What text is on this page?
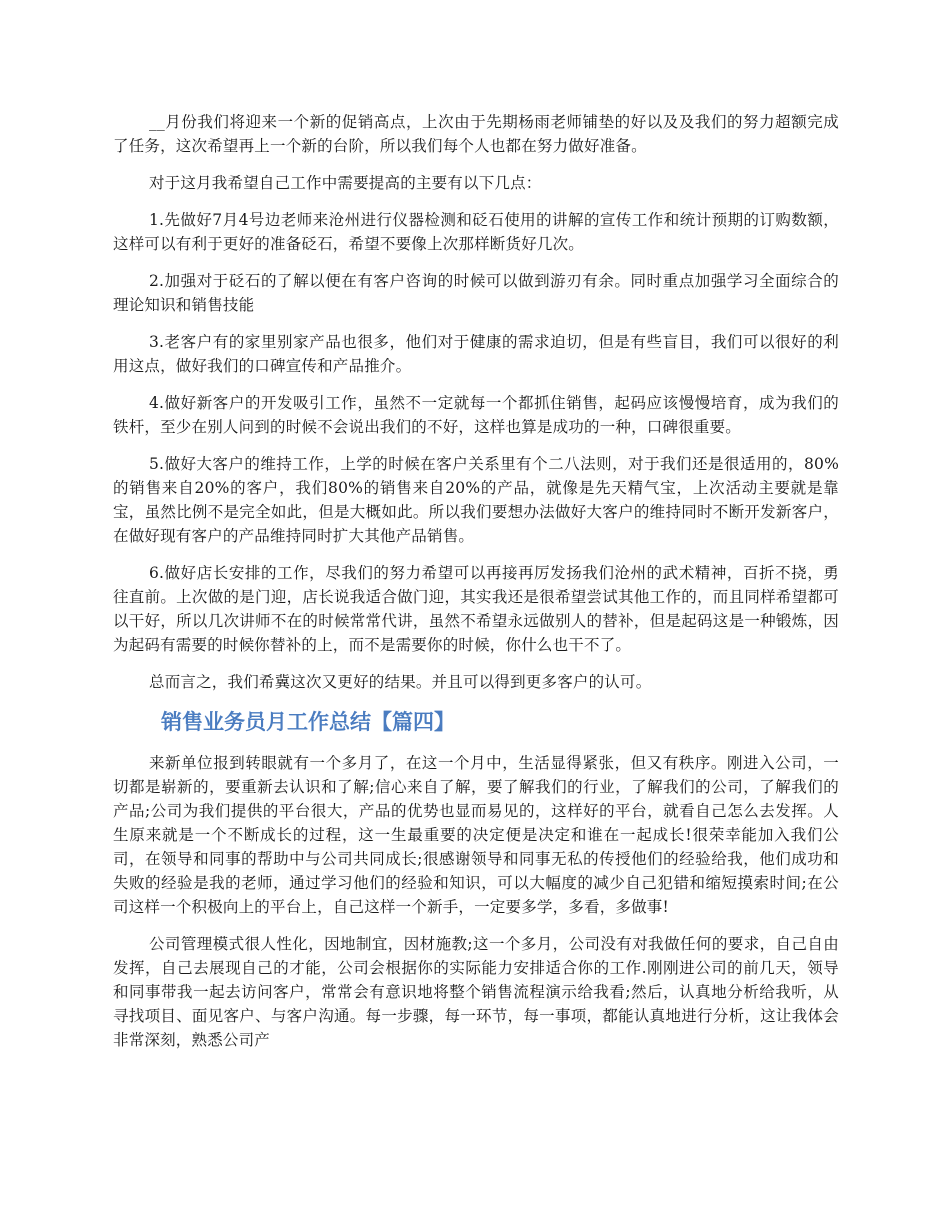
__月份我们将迎来一个新的促销高点，上次由于先期杨雨老师铺垫的好以及及我们的努力超额完成了任务，这次希望再上一个新的台阶，所以我们每个人也都在努力做好准备。

对于这月我希望自己工作中需要提高的主要有以下几点：

1.先做好7月4号边老师来沧州进行仪器检测和砭石使用的讲解的宣传工作和统计预期的订购数额，这样可以有利于更好的准备砭石，希望不要像上次那样断货好几次。

2.加强对于砭石的了解以便在有客户咨询的时候可以做到游刃有余。同时重点加强学习全面综合的理论知识和销售技能

3.老客户有的家里别家产品也很多，他们对于健康的需求迫切，但是有些盲目，我们可以很好的利用这点，做好我们的口碑宣传和产品推介。

4.做好新客户的开发吸引工作，虽然不一定就每一个都抓住销售，起码应该慢慢培育，成为我们的铁杆，至少在别人问到的时候不会说出我们的不好，这样也算是成功的一种，口碑很重要。

5.做好大客户的维持工作，上学的时候在客户关系里有个二八法则，对于我们还是很适用的，80%的销售来自20%的客户，我们80%的销售来自20%的产品，就像是先天精气宝，上次活动主要就是靠宝，虽然比例不是完全如此，但是大概如此。所以我们要想办法做好大客户的维持同时不断开发新客户，在做好现有客户的产品维持同时扩大其他产品销售。

6.做好店长安排的工作，尽我们的努力希望可以再接再厉发扬我们沧州的武术精神，百折不挠，勇往直前。上次做的是门迎，店长说我适合做门迎，其实我还是很希望尝试其他工作的，而且同样希望都可以干好，所以几次讲师不在的时候常常代讲，虽然不希望永远做别人的替补，但是起码这是一种锻炼，因为起码有需要的时候你替补的上，而不是需要你的时候，你什么也干不了。

总而言之，我们希冀这次又更好的结果。并且可以得到更多客户的认可。

销售业务员月工作总结【篇四】

来新单位报到转眼就有一个多月了，在这一个月中，生活显得紧张，但又有秩序。刚进入公司，一切都是崭新的，要重新去认识和了解;信心来自了解，要了解我们的行业，了解我们的公司，了解我们的产品;公司为我们提供的平台很大，产品的优势也显而易见的，这样好的平台，就看自己怎么去发挥。人生原来就是一个不断成长的过程，这一生最重要的决定便是决定和谁在一起成长!很荣幸能加入我们公司，在领导和同事的帮助中与公司共同成长;很感谢领导和同事无私的传授他们的经验给我，他们成功和失败的经验是我的老师，通过学习他们的经验和知识，可以大幅度的减少自己犯错和缩短摸索时间;在公司这样一个积极向上的平台上，自己这样一个新手，一定要多学，多看，多做事!

公司管理模式很人性化，因地制宜，因材施教;这一个多月，公司没有对我做任何的要求，自己自由发挥，自己去展现自己的才能，公司会根据你的实际能力安排适合你的工作.刚刚进公司的前几天，领导和同事带我一起去访问客户，常常会有意识地将整个销售流程演示给我看;然后，认真地分析给我听，从寻找项目、面见客户、与客户沟通。每一步骤，每一环节，每一事项，都能认真地进行分析，这让我体会非常深刻，熟悉公司产
